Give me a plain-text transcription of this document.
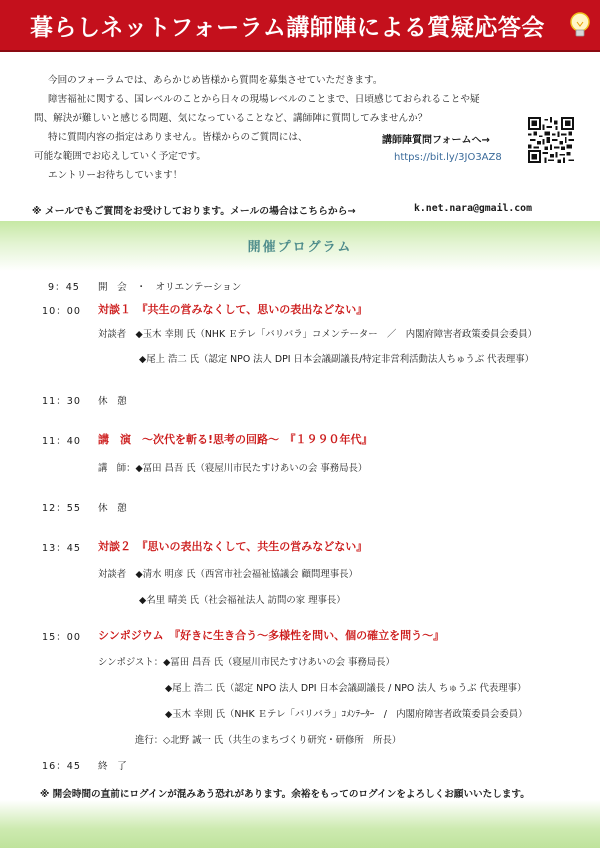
暮らしネットフォーラム講師陣による質疑応答会
今回のフォーラムでは、あらかじめ皆様から質問を募集させていただきます。
障害福祉に関する、国レベルのことから日々の現場レベルのことまで、日頃感じておられることや疑
問、解決が難しいと感じる問題、気になっていることなど、講師陣に質問してみませんか？
特に質問内容の指定はありません。皆様からのご質問には、
可能な範囲でお応えしていく予定です。
エントリーお待ちしています！
講師陣質問フォームへ→
https://bit.ly/3JO3AZ8
※ メールでもご質問をお受けしております。メールの場合はこちらから→	k.net.nara@gmail.com
開催プログラム
9：45 開　会　・　オリエンテーション
10：00 対談１　『共生の営みなくして、思いの表出などない』
対談者　◆玉木 幸則 氏（NHK Ｅテレ「バリバラ」コメンテーター　／　内閣府障害者政策委員会委員）
◆尾上 浩二 氏（認定 NPO 法人 DPI 日本会議副議長/特定非営利活動法人ちゅうぶ 代表理事）
11：30 休　憩
11：40 講　演　～次代を斬る!思考の回路～　『１９９０年代』
講　師：◆冨田 昌吾 氏（寝屋川市民たすけあいの会 事務局長）
12：55 休　憩
13：45 対談２　『思いの表出なくして、共生の営みなどない』
対談者　◆清水 明彦 氏（西宮市社会福祉協議会 顧問理事長）
◆名里 晴美 氏（社会福祉法人 訪問の家 理事長）
15：00 シンポジウム　『好きに生き合う～多様性を問い、個の確立を問う～』
シンポジスト：◆冨田 昌吾 氏（寝屋川市民たすけあいの会 事務局長）
◆尾上 浩二 氏（認定 NPO 法人 DPI 日本会議副議長 / NPO 法人 ちゅうぶ 代表理事）
◆玉木 幸則 氏（NHK Ｅテレ「バリバラ」ｺﾒﾝﾃｰﾀｰ　/　内閣府障害者政策委員会委員）
進行：◇北野 誠一 氏（共生のまちづくり研究・研修所　所長）
16：45 終　了
※ 開会時間の直前にログインが混みあう恐れがあります。余裕をもってのログインをよろしくお願いいたします。
